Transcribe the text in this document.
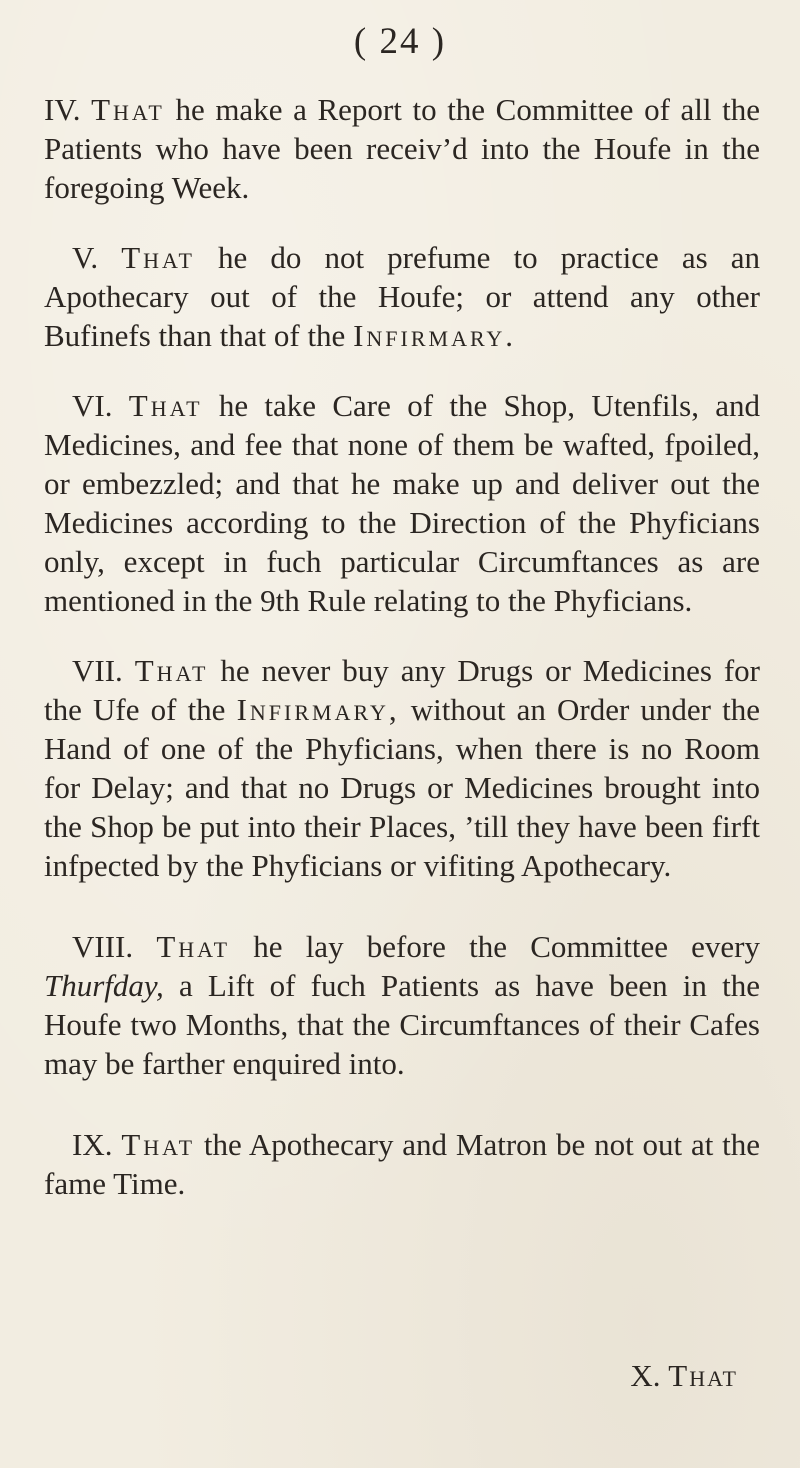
( 24 )

IV. That he make a Report to the Committee of all the Patients who have been receiv’d into the Houfe in the foregoing Week.

V. That he do not prefume to practice as an Apothecary out of the Houfe; or attend any other Bufinefs than that of the Infirmary.

VI. That he take Care of the Shop, Utenfils, and Medicines, and fee that none of them be wafted, fpoiled, or embezzled; and that he make up and deliver out the Medicines according to the Direction of the Phyficians only, except in fuch particular Circumftances as are mentioned in the 9th Rule relating to the Phyficians.

VII. That he never buy any Drugs or Medicines for the Ufe of the Infirmary, without an Order under the Hand of one of the Phyficians, when there is no Room for Delay; and that no Drugs or Medicines brought into the Shop be put into their Places, ’till they have been firft infpected by the Phyficians or vifiting Apothecary.

VIII. That he lay before the Committee every Thurfday, a Lift of fuch Patients as have been in the Houfe two Months, that the Circumftances of their Cafes may be farther enquired into.

IX. That the Apothecary and Matron be not out at the fame Time.

X. That
